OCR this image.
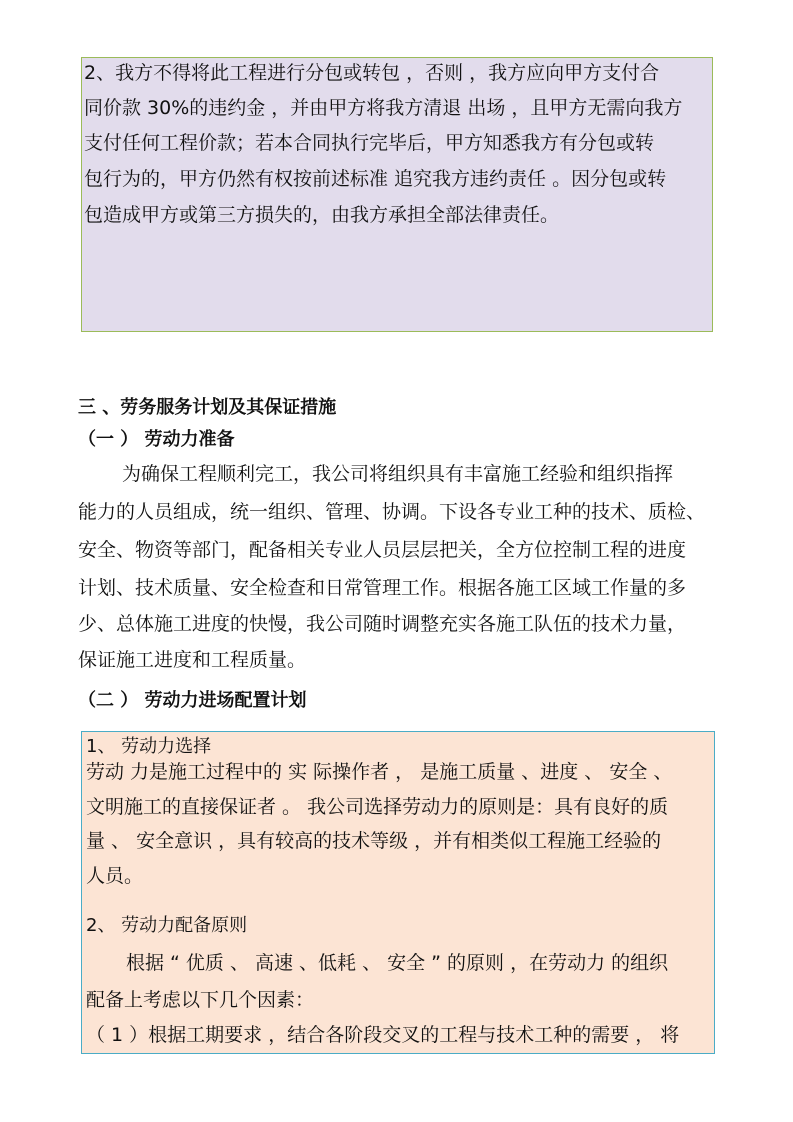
2、我方不得将此工程进行分包或转包 ，否则 ，我方应向甲方支付合
同价款 30%的违约金 ，并由甲方将我方清退 出场 ，且甲方无需向我方
支付任何工程价款；若本合同执行完毕后，甲方知悉我方有分包或转
包行为的，甲方仍然有权按前述标准 追究我方违约责任 。因分包或转
包造成甲方或第三方损失的，由我方承担全部法律责任。
三 、劳务服务计划及其保证措施
（一 ） 劳动力准备
为确保工程顺利完工，我公司将组织具有丰富施工经验和组织指挥
能力的人员组成，统一组织、管理、协调。下设各专业工种的技术、质检、
安全、物资等部门，配备相关专业人员层层把关，全方位控制工程的进度
计划、技术质量、安全检查和日常管理工作。根据各施工区域工作量的多
少、总体施工进度的快慢，我公司随时调整充实各施工队伍的技术力量，
保证施工进度和工程质量。
（二 ） 劳动力进场配置计划
1、 劳动力选择
劳动 力是施工过程中的 实 际操作者 ， 是施工质量 、进度 、 安全 、
文明施工的直接保证者 。 我公司选择劳动力的原则是：具有良好的质
量 、 安全意识 ，具有较高的技术等级 ，并有相类似工程施工经验的
人员。
2、 劳动力配备原则
根据 “ 优质 、 高速 、低耗 、 安全 ” 的原则 ，在劳动力 的组织
配备上考虑以下几个因素：
（ 1 ）根据工期要求 ，结合各阶段交叉的工程与技术工种的需要 ， 将
